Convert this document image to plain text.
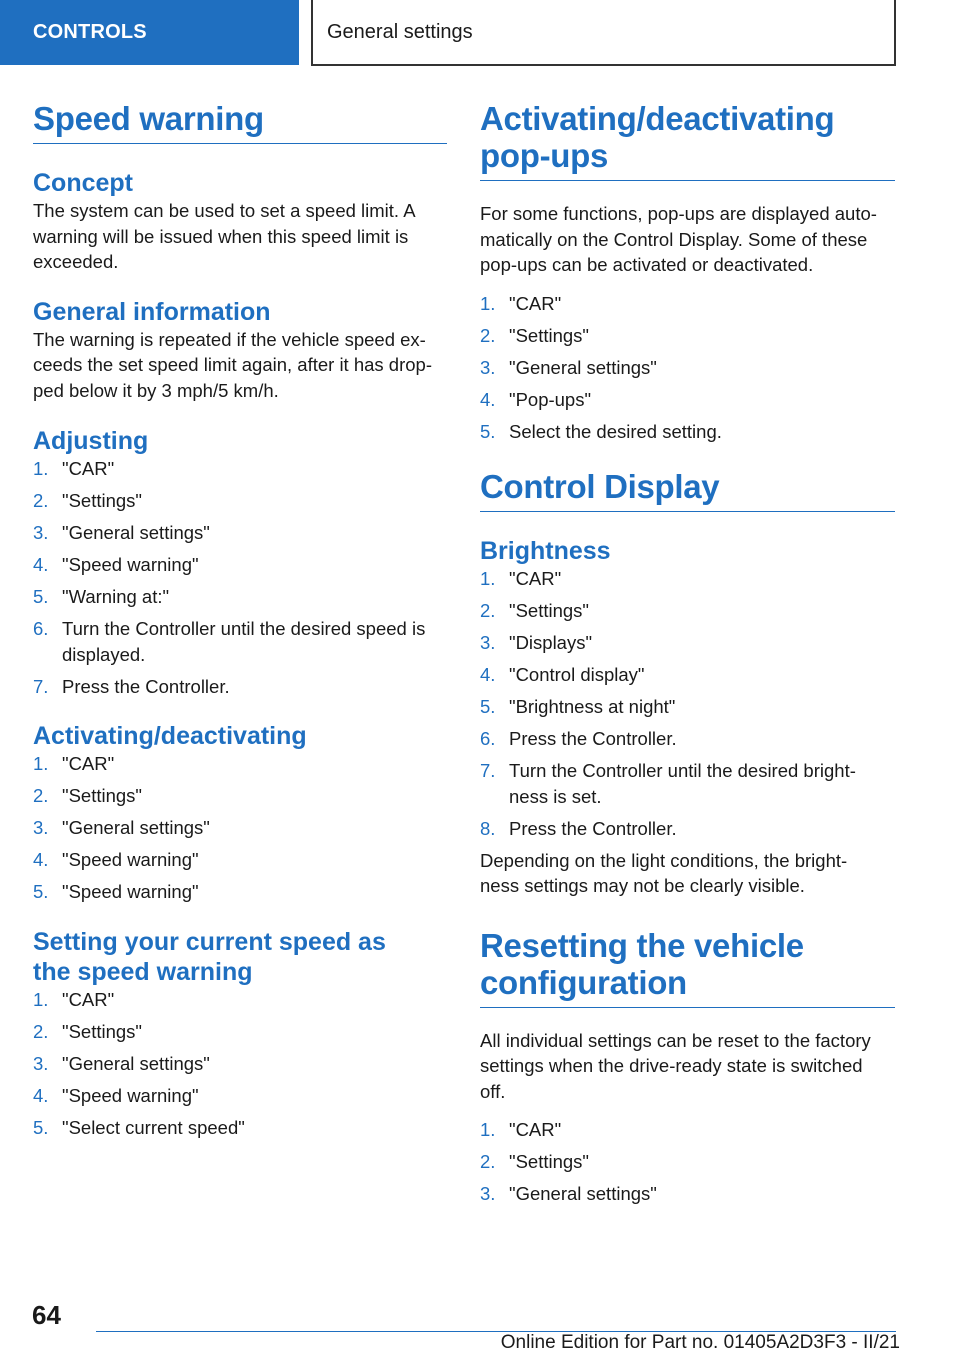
CONTROLS	General settings
Speed warning
Concept

The system can be used to set a speed limit. A
warning will be issued when this speed limit is
exceeded.

General information

The warning is repeated if the vehicle speed ex‐
ceeds the set speed limit again, after it has drop‐
ped below it by 3 mph/5 km/h.

Adjusting
1. "CAR"
2. "Settings"
3. "General settings"
4. "Speed warning"
5. "Warning at:"
6. Turn the Controller until the desired speed is
displayed.
7. Press the Controller.
Activating/deactivating
1. "CAR"
2. "Settings"
3. "General settings"
4. "Speed warning"
5. "Speed warning"
Setting your current speed as
the speed warning
1. "CAR"
2. "Settings"
3. "General settings"
4. "Speed warning"
5. "Select current speed"
Activating/deactivating
pop-ups

For some functions, pop-ups are displayed auto‐
matically on the Control Display. Some of these
pop-ups can be activated or deactivated.

1. "CAR"
2. "Settings"
3. "General settings"
4. "Pop-ups"
5. Select the desired setting.
Control Display
Brightness
1. "CAR"
2. "Settings"
3. "Displays"
4. "Control display"
5. "Brightness at night"
6. Press the Controller.
7. Turn the Controller until the desired bright‐
ness is set.
8. Press the Controller.

Depending on the light conditions, the bright‐
ness settings may not be clearly visible.

Resetting the vehicle
configuration

All individual settings can be reset to the factory
settings when the drive-ready state is switched
off.

1. "CAR"
2. "Settings"
3. "General settings"
64
Online Edition for Part no. 01405A2D3F3 - II/21
